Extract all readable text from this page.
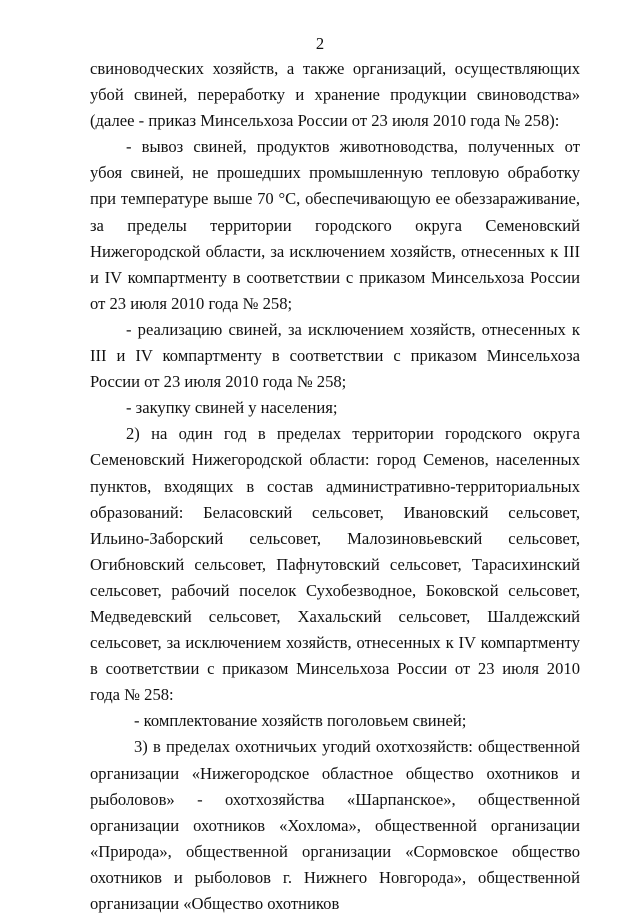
2

свиноводческих хозяйств, а также организаций, осуществляющих убой свиней, переработку и хранение продукции свиноводства» (далее - приказ Минсельхоза России от 23 июля 2010 года № 258):

- вывоз свиней, продуктов животноводства, полученных от убоя свиней, не прошедших промышленную тепловую обработку при температуре выше 70 °С, обеспечивающую ее обеззараживание, за пределы территории городского округа Семеновский Нижегородской области, за исключением хозяйств, отнесенных к III и IV компартменту в соответствии с приказом Минсельхоза России от 23 июля 2010 года № 258;

- реализацию свиней, за исключением хозяйств, отнесенных к III и IV компартменту в соответствии с приказом Минсельхоза России от 23 июля 2010 года № 258;

- закупку свиней у населения;

2) на один год в пределах территории городского округа Семеновский Нижегородской области: город Семенов, населенных пунктов, входящих в состав административно-территориальных образований: Беласовский сельсовет, Ивановский сельсовет, Ильино-Заборский сельсовет, Малозиновьевский сельсовет, Огибновский сельсовет, Пафнутовский сельсовет, Тарасихинский сельсовет, рабочий поселок Сухобезводное, Боковской сельсовет, Медведевский сельсовет, Хахальский сельсовет, Шалдежский сельсовет, за исключением хозяйств, отнесенных к IV компартменту в соответствии с приказом Минсельхоза России от 23 июля 2010 года № 258:

- комплектование хозяйств поголовьем свиней;

3) в пределах охотничьих угодий охотхозяйств: общественной организации «Нижегородское областное общество охотников и рыболовов» - охотхозяйства «Шарпанское», общественной организации охотников «Хохлома», общественной организации «Природа», общественной организации «Сормовское общество охотников и рыболовов г. Нижнего Новгорода», общественной организации «Общество охотников
